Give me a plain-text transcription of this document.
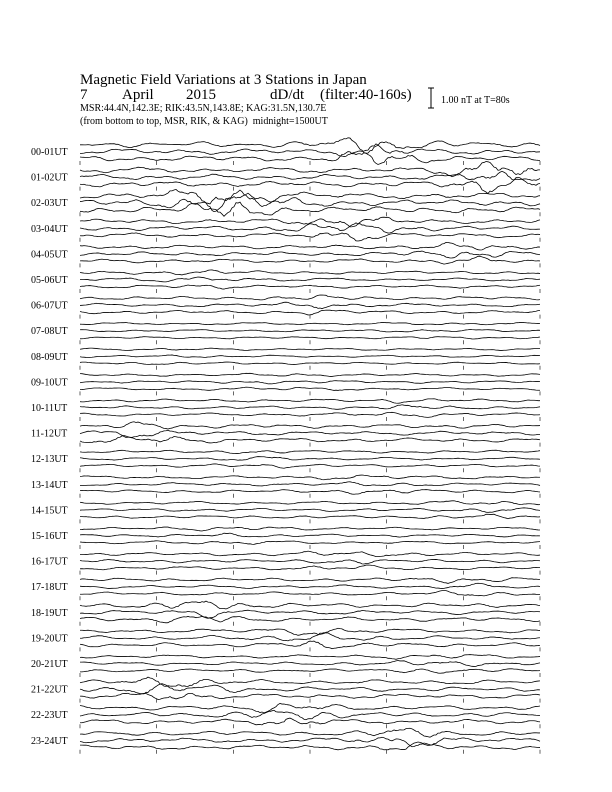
Magnetic Field Variations at 3 Stations in Japan
7 April 2015	dD/dt (filter:40-160s)
MSR:44.4N,142.3E; RIK:43.5N,143.8E; KAG:31.5N,130.7E
(from bottom to top, MSR, RIK, & KAG) midnight=1500UT
1.00 nT at T=80s
00-01UT
01-02UT
02-03UT
03-04UT
04-05UT
05-06UT
06-07UT
07-08UT
08-09UT
09-10UT
10-11UT
11-12UT
12-13UT
13-14UT
14-15UT
15-16UT
16-17UT
17-18UT
18-19UT
19-20UT
20-21UT
21-22UT
22-23UT
23-24UT
